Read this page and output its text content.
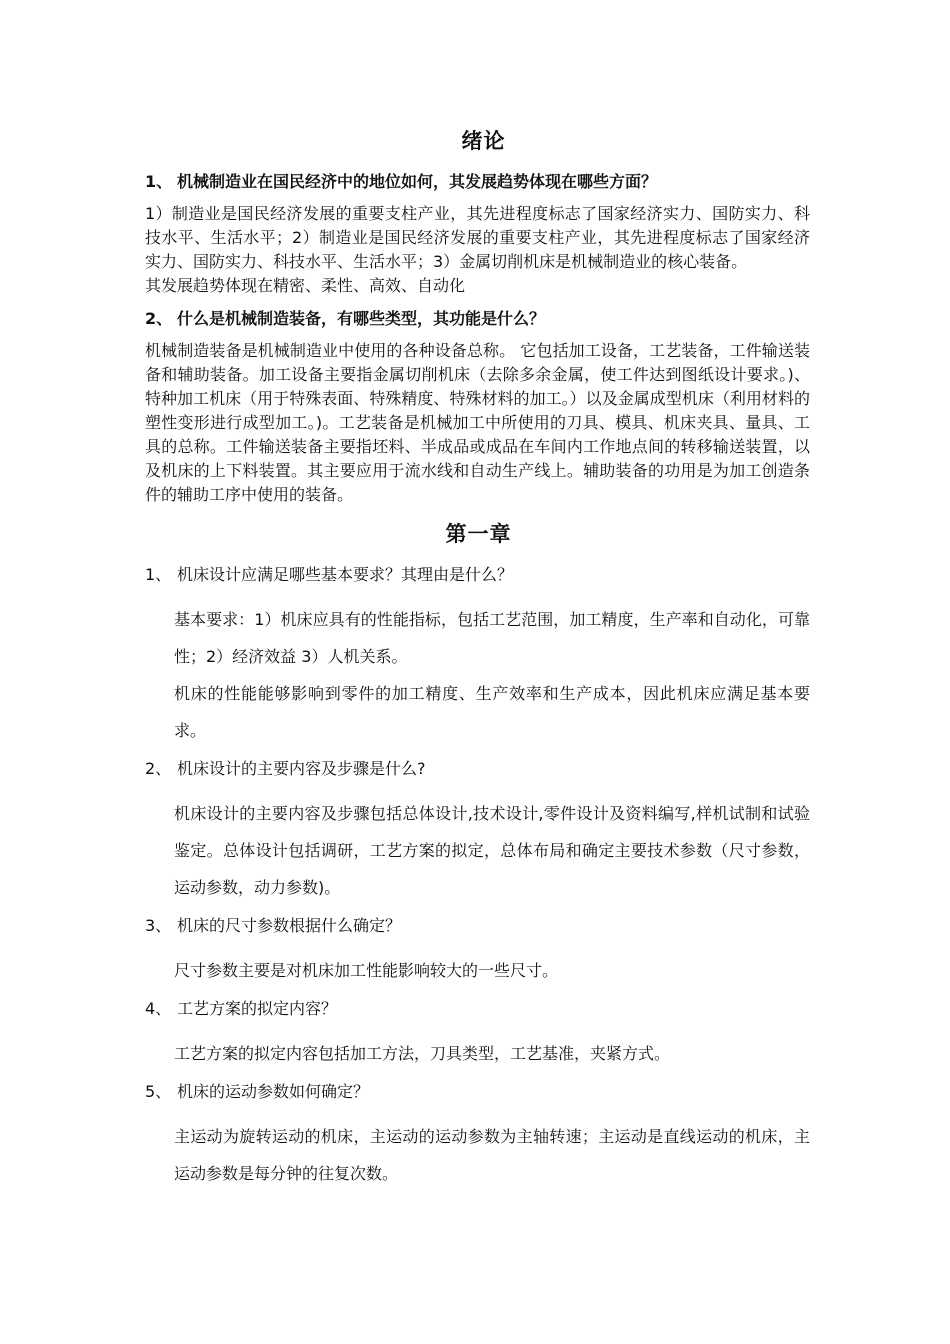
绪论
1、 机械制造业在国民经济中的地位如何，其发展趋势体现在哪些方面？

1）制造业是国民经济发展的重要支柱产业，其先进程度标志了国家经济实力、国防实力、科技水平、生活水平；2）制造业是国民经济发展的重要支柱产业，其先进程度标志了国家经济实力、国防实力、科技水平、生活水平；3）金属切削机床是机械制造业的核心装备。

其发展趋势体现在精密、柔性、高效、自动化

2、 什么是机械制造装备，有哪些类型，其功能是什么？

机械制造装备是机械制造业中使用的各种设备总称。 它包括加工设备，工艺装备，工件输送装备和辅助装备。加工设备主要指金属切削机床（去除多余金属，使工件达到图纸设计要求。)、特种加工机床（用于特殊表面、特殊精度、特殊材料的加工。）以及金属成型机床（利用材料的塑性变形进行成型加工。)。工艺装备是机械加工中所使用的刀具、模具、机床夹具、量具、工具的总称。工件输送装备主要指坯料、半成品或成品在车间内工作地点间的转移输送装置，以及机床的上下料装置。其主要应用于流水线和自动生产线上。辅助装备的功用是为加工创造条件的辅助工序中使用的装备。

第一章
1、 机床设计应满足哪些基本要求？其理由是什么？

基本要求：1）机床应具有的性能指标，包括工艺范围，加工精度，生产率和自动化，可靠性；2）经济效益 3）人机关系。

机床的性能能够影响到零件的加工精度、生产效率和生产成本，因此机床应满足基本要求。

2、 机床设计的主要内容及步骤是什么?

机床设计的主要内容及步骤包括总体设计,技术设计,零件设计及资料编写,样机试制和试验鉴定。总体设计包括调研，工艺方案的拟定，总体布局和确定主要技术参数（尺寸参数，运动参数，动力参数)。

3、 机床的尺寸参数根据什么确定？

尺寸参数主要是对机床加工性能影响较大的一些尺寸。

4、 工艺方案的拟定内容？

工艺方案的拟定内容包括加工方法，刀具类型，工艺基准，夹紧方式。

5、 机床的运动参数如何确定？

主运动为旋转运动的机床，主运动的运动参数为主轴转速；主运动是直线运动的机床，主运动参数是每分钟的往复次数。
